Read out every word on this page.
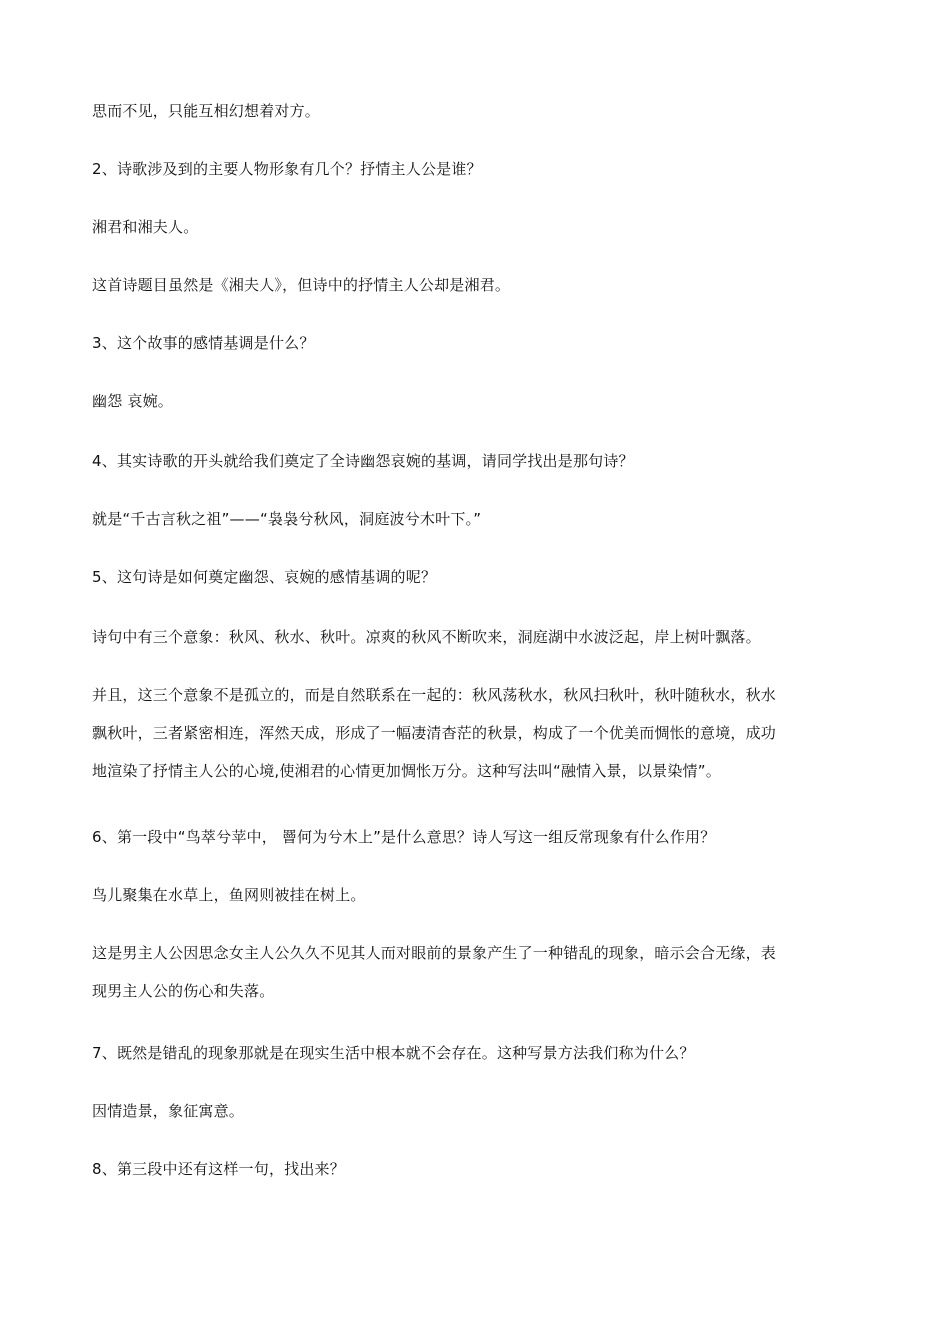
思而不见，只能互相幻想着对方。
2、诗歌涉及到的主要人物形象有几个？抒情主人公是谁？
湘君和湘夫人。
这首诗题目虽然是《湘夫人》，但诗中的抒情主人公却是湘君。
3、这个故事的感情基调是什么？
幽怨 哀婉。
4、其实诗歌的开头就给我们奠定了全诗幽怨哀婉的基调，请同学找出是那句诗？
就是“千古言秋之祖”——“袅袅兮秋风，洞庭波兮木叶下。”
5、这句诗是如何奠定幽怨、哀婉的感情基调的呢？
诗句中有三个意象：秋风、秋水、秋叶。凉爽的秋风不断吹来，洞庭湖中水波泛起，岸上树叶飘落。
并且，这三个意象不是孤立的，而是自然联系在一起的：秋风荡秋水，秋风扫秋叶，秋叶随秋水，秋水
飘秋叶，三者紧密相连，浑然天成，形成了一幅凄清杳茫的秋景，构成了一个优美而惆怅的意境，成功
地渲染了抒情主人公的心境,使湘君的心情更加惆怅万分。这种写法叫“融情入景，以景染情”。
6、第一段中“鸟萃兮苹中， 罾何为兮木上”是什么意思？诗人写这一组反常现象有什么作用？
鸟儿聚集在水草上，鱼网则被挂在树上。
这是男主人公因思念女主人公久久不见其人而对眼前的景象产生了一种错乱的现象，暗示会合无缘，表
现男主人公的伤心和失落。
7、既然是错乱的现象那就是在现实生活中根本就不会存在。这种写景方法我们称为什么？
因情造景，象征寓意。
8、第三段中还有这样一句，找出来？
